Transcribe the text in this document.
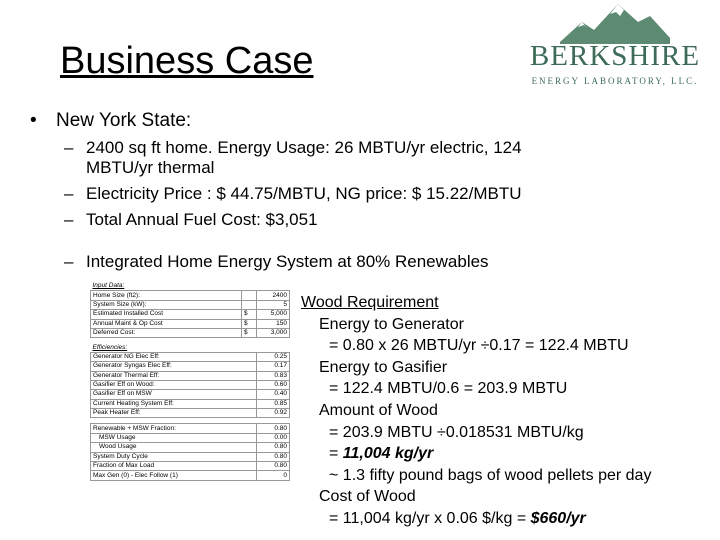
Business Case	BERKSHIRE
ENERGY LABORATORY, LLC.
• New York State:
– 2400 sq ft home. Energy Usage: 26 MBTU/yr electric, 124
MBTU/yr thermal
– Electricity Price : $ 44.75/MBTU, NG price: $ 15.22/MBTU
– Total Annual Fuel Cost: $3,051
– Integrated Home Energy System at 80% Renewables
Input Data:		
Home Size (ft2):		2400
System Size (kW):		5
Estimated Installed Cost	$	5,000
Annual Maint & Op Cost	$	150
Deferred Cost:	$	3,000

Efficiencies:		
Generator NG Elec Eff:		0.25
Generator Syngas Elec Eff:		0.17
Generator Thermal Eff:		0.83
Gasifier Eff on Wood:		0.60
Gasifier Eff on MSW		0.40
Current Heating System Eff:		0.85
Peak Heater Eff:		0.92

Renewable + MSW Fraction:		0.80
MSW Usage		0.00
Wood Usage		0.80
System Duty Cycle		0.80
Fraction of Max Load		0.80
Max Gen (0) - Elec Follow (1)		0
Wood Requirement
Energy to Generator
= 0.80 x 26 MBTU/yr ÷0.17 = 122.4 MBTU
Energy to Gasifier
= 122.4 MBTU/0.6 = 203.9 MBTU
Amount of Wood
= 203.9 MBTU ÷0.018531 MBTU/kg
= 11,004 kg/yr
~ 1.3 fifty pound bags of wood pellets per day
Cost of Wood
= 11,004 kg/yr x 0.06 $/kg = $660/yr
